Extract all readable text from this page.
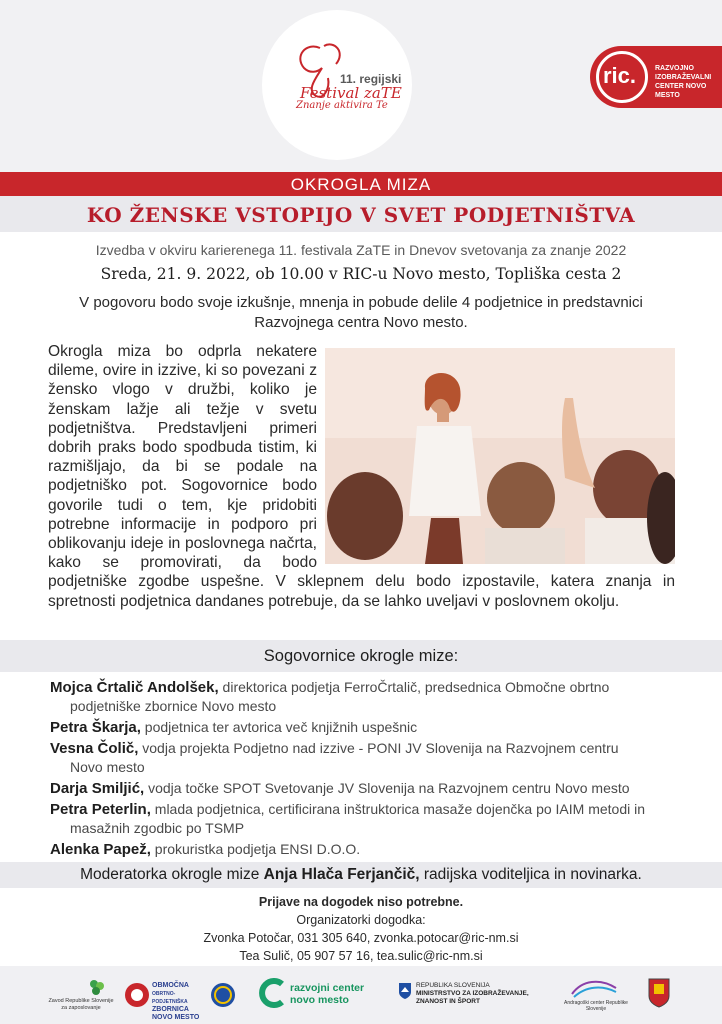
11. regijski
Festival zaTE
Znanje aktivira Te
ric.	RAZVOJNO
IZOBRAŽEVALNI
CENTER NOVO MESTO
OKROGLA MIZA
KO ŽENSKE VSTOPIJO V SVET PODJETNIŠTVA
Izvedba v okviru karierenega 11. festivala ZaTE in Dnevov svetovanja za znanje 2022
Sreda, 21. 9. 2022, ob 10.00 v RIC-u Novo mesto, Topliška cesta 2
V pogovoru bodo svoje izkušnje, mnenja in pobude delile 4 podjetnice in predstavnici Razvojnega centra Novo mesto.
Okrogla miza bo odprla nekatere dileme, ovire in izzive, ki so povezani z žensko vlogo v družbi, koliko je ženskam lažje ali težje v svetu podjetništva. Predstavljeni primeri dobrih praks bodo spodbuda tistim, ki razmišljajo, da bi se podale na podjetniško pot. Sogovornice bodo govorile tudi o tem, kje pridobiti potrebne informacije in podporo pri oblikovanju ideje in poslovnega načrta, kako se promovirati, da bodo podjetniške zgodbe uspešne. V sklepnem delu bodo izpostavile, katera znanja in spretnosti podjetnica dandanes potrebuje, da se lahko uveljavi v poslovnem okolju.
Sogovornice okrogle mize:
Mojca Črtalič Andolšek, direktorica podjetja FerroČrtalič, predsednica Območne obrtno
podjetniške zbornice Novo mesto
Petra Škarja, podjetnica ter avtorica več knjižnih uspešnic
Vesna Čolič, vodja projekta Podjetno nad izzive - PONI JV Slovenija na Razvojnem centru
Novo mesto
Darja Smiljić, vodja točke SPOT Svetovanje JV Slovenija na Razvojnem centru Novo mesto
Petra Peterlin, mlada podjetnica, certificirana inštruktorica masaže dojenčka po IAIM metodi in
masažnih zgodbic po TSMP
Alenka Papež, prokuristka podjetja ENSI D.O.O.

Moderatorka okrogle mize Anja Hlača Ferjančič, radijska voditeljica in novinarka.

Prijave na dogodek niso potrebne.
Organizatorki dogodka:
Zvonka Potočar, 031 305 640, zvonka.potocar@ric-nm.si
Tea Sulič, 05 907 57 16, tea.sulic@ric-nm.si
Zavod Republike Slovenije za zaposlovanje
OBMOČNA
OBRTNO-PODJETNIŠKA
ZBORNICA
NOVO MESTO
razvojni center
novo mesto
REPUBLIKA SLOVENIJA
MINISTRSTVO ZA IZOBRAŽEVANJE,
ZNANOST IN ŠPORT	Andragoški center Republike Slovenije
